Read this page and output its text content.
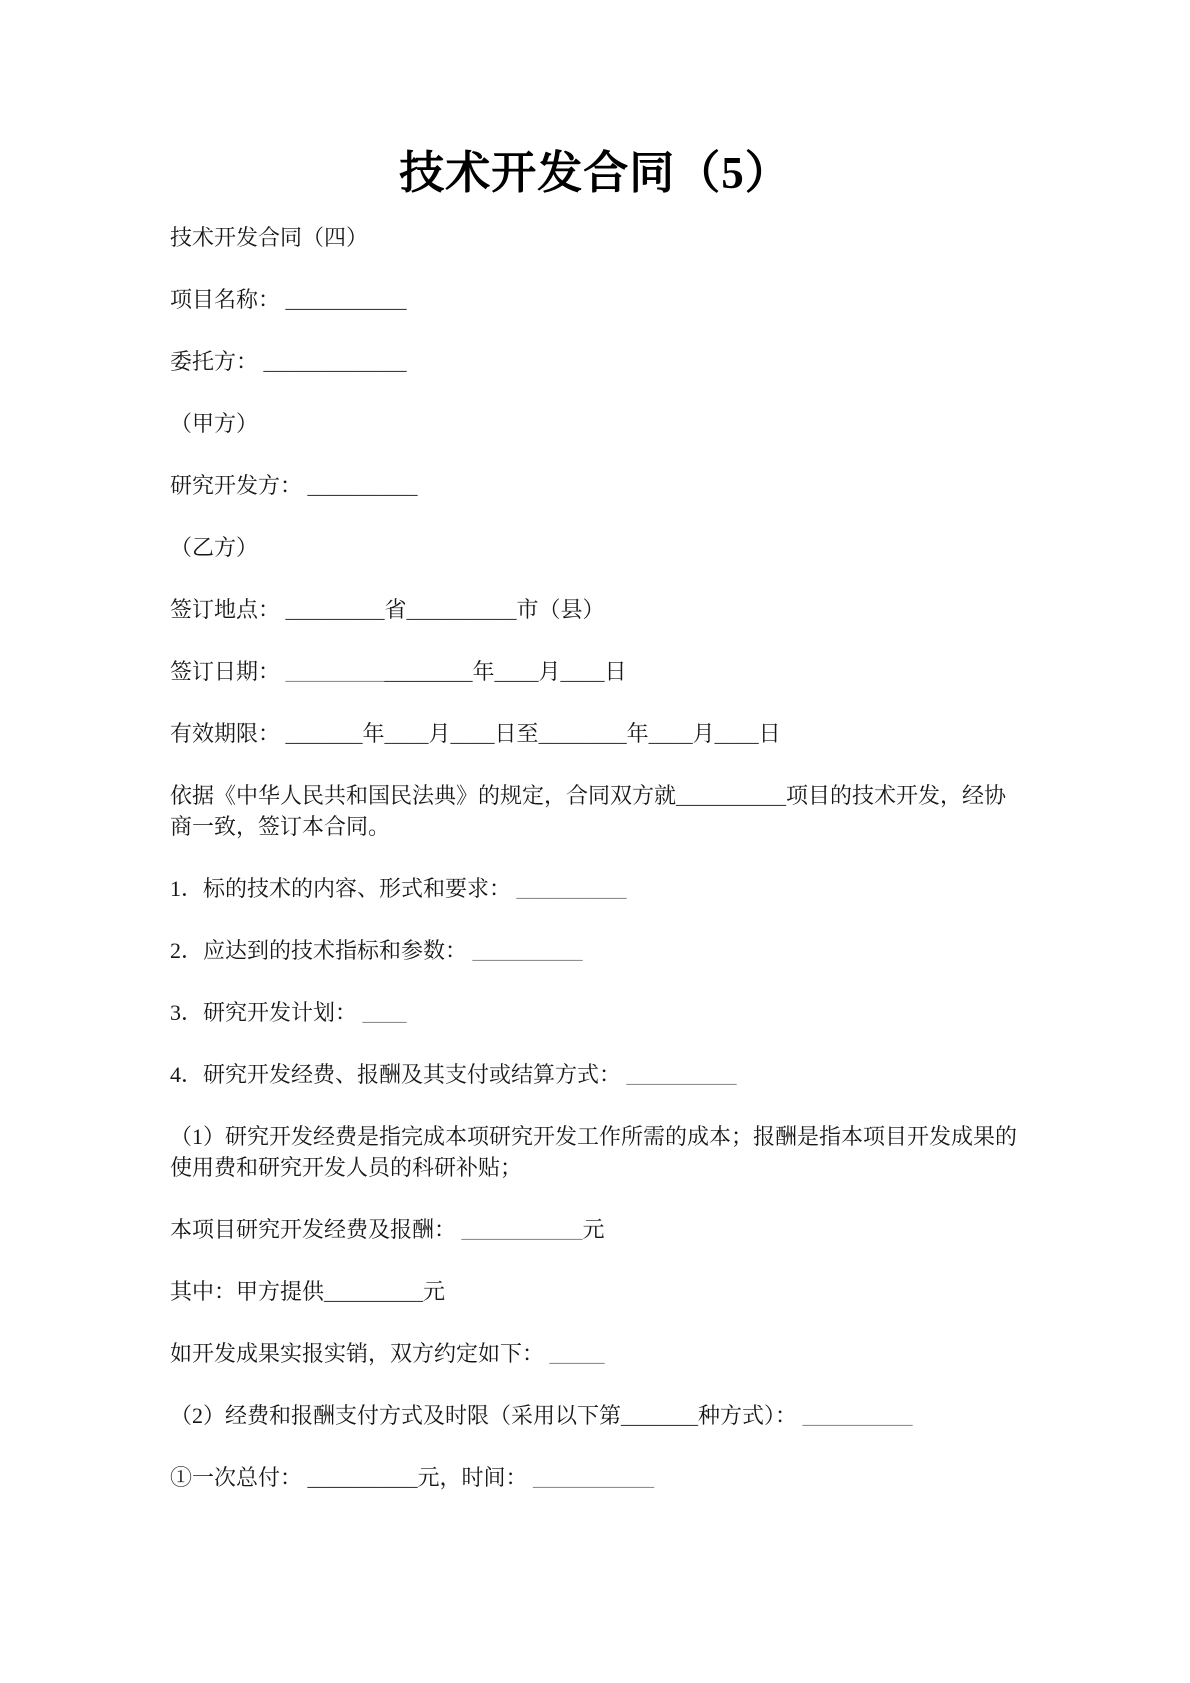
技术开发合同（5）

技术开发合同（四）

项目名称： ___________

委托方： _____________

（甲方）

研究开发方： __________

（乙方）

签订地点： _________省__________市（县）

签订日期： _________________年____月____日

有效期限： _______年____月____日至________年____月____日

依据《中华人民共和国民法典》的规定，合同双方就__________项目的技术开发，经协商一致，签订本合同。

1．标的技术的内容、形式和要求： __________

2．应达到的技术指标和参数： __________

3．研究开发计划： ____

4．研究开发经费、报酬及其支付或结算方式： __________

（1）研究开发经费是指完成本项研究开发工作所需的成本；报酬是指本项目开发成果的使用费和研究开发人员的科研补贴；

本项目研究开发经费及报酬： ___________元

其中：甲方提供_________元

如开发成果实报实销，双方约定如下： _____

（2）经费和报酬支付方式及时限（采用以下第_______种方式）： __________

①一次总付： __________元，时间： ___________
